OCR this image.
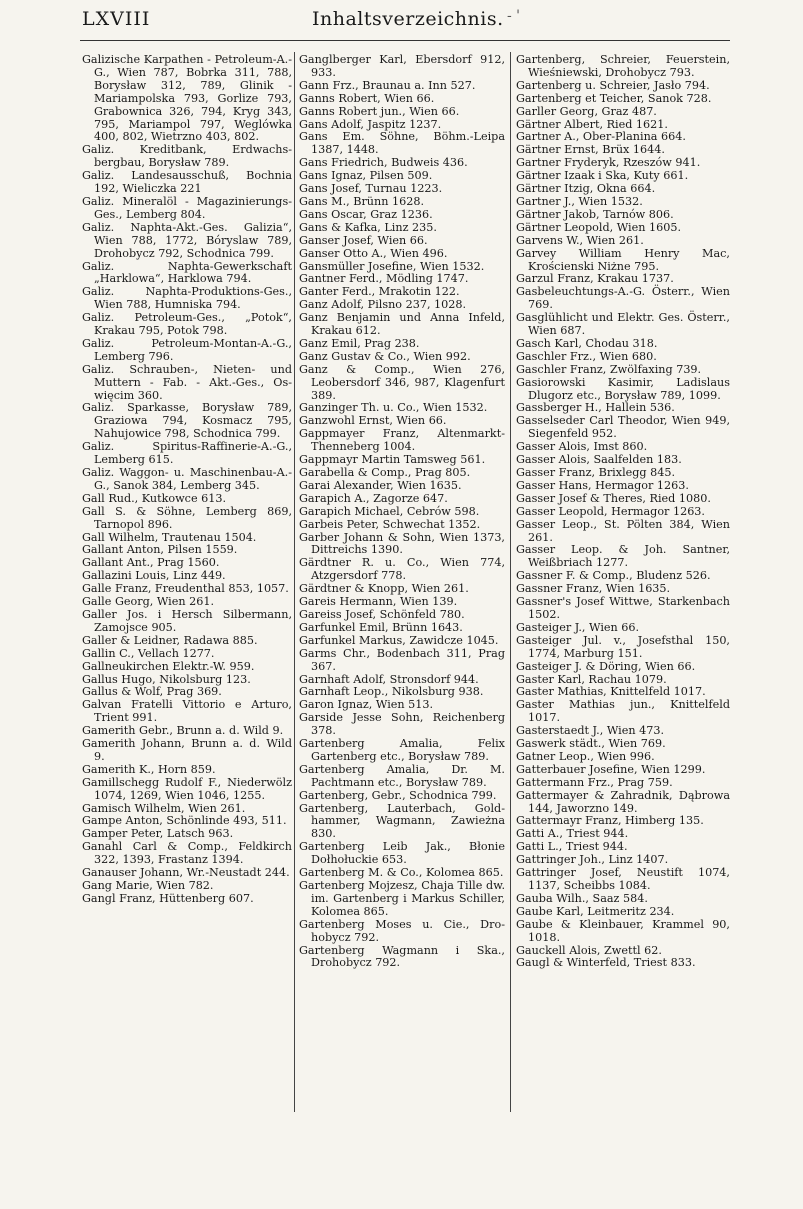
LXVIII	Inhaltsverzeichnis. - '

Galizische Karpathen - Petroleum-A.-G., Wien 787, Bobrka 311, 788, Borysław 312, 789, Glinik - Mariampolska 793, Gorlize 793, Grabownica 326, 794, Kryg 343, 795, Mariampol 797, Weglówka 400, 802, Wietrzno 403, 802.

Galiz. Kreditbank, Erdwachsbergbau, Borysław 789.

Galiz. Landesausschuß, Bochnia 192, Wieliczka 221

Galiz. Mineralöl - Magazinierungs-Ges., Lemberg 804.

Galiz. Naphta-Akt.-Ges. Galizia“, Wien 788, 1772, Bóryslaw 789, Drohobycz 792, Schodnica 799.

Galiz. Naphta-Gewerkschaft „Harklowa“, Harklowa 794.

Galiz. Naphta-Produktions-Ges., Wien 788, Humniska 794.

Galiz. Petroleum-Ges., „Potok“, Krakau 795, Potok 798.

Galiz. Petroleum-Montan-A.-G., Lemberg 796.

Galiz. Schrauben-, Nieten- und Muttern - Fab. - Akt.-Ges., Oswięcim 360.

Galiz. Sparkasse, Borysław 789, Graziowa 794, Kosmacz 795, Nahujowice 798, Schodnica 799.

Galiz. Spiritus-Raffinerie-A.-G., Lemberg 615.

Galiz. Waggon- u. Maschinenbau-A.-G., Sanok 384, Lemberg 345.

Gall Rud., Kutkowce 613.

Gall S. & Söhne, Lemberg 869, Tarnopol 896.

Gall Wilhelm, Trautenau 1504.

Gallant Anton, Pilsen 1559.

Gallant Ant., Prag 1560.

Gallazini Louis, Linz 449.

Galle Franz, Freudenthal 853, 1057.

Galle Georg, Wien 261.

Galler Jos. i Hersch Silbermann, Zamojsce 905.

Galler & Leidner, Radawa 885.

Gallin C., Vellach 1277.

Gallneukirchen Elektr.-W. 959.

Gallus Hugo, Nikolsburg 123.

Gallus & Wolf, Prag 369.

Galvan Fratelli Vittorio e Arturo, Trient 991.

Gamerith Gebr., Brunn a. d. Wild 9.

Gamerith Johann, Brunn a. d. Wild 9.

Gamerith K., Horn 859.

Gamillschegg Rudolf F., Niederwölz 1074, 1269, Wien 1046, 1255.

Gamisch Wilhelm, Wien 261.

Gampe Anton, Schönlinde 493, 511.

Gamper Peter, Latsch 963.

Ganahl Carl & Comp., Feldkirch 322, 1393, Frastanz 1394.

Ganauser Johann, Wr.-Neustadt 244.

Gang Marie, Wien 782.

Gangl Franz, Hüttenberg 607.

Ganglberger Karl, Ebersdorf 912, 933.

Gann Frz., Braunau a. Inn 527.

Ganns Robert, Wien 66.

Ganns Robert jun., Wien 66.

Gans Adolf, Jaspitz 1237.

Gans Em. Söhne, Böhm.-Leipa 1387, 1448.

Gans Friedrich, Budweis 436.

Gans Ignaz, Pilsen 509.

Gans Josef, Turnau 1223.

Gans M., Brünn 1628.

Gans Oscar, Graz 1236.

Gans & Kafka, Linz 235.

Ganser Josef, Wien 66.

Ganser Otto A., Wien 496.

Gansmüller Josefine, Wien 1532.

Gantner Ferd., Mödling 1747.

Ganter Ferd., Mrakotin 122.

Ganz Adolf, Pilsno 237, 1028.

Ganz Benjamin und Anna Infeld, Krakau 612.

Ganz Emil, Prag 238.

Ganz Gustav & Co., Wien 992.

Ganz & Comp., Wien 276, Leobersdorf 346, 987, Klagenfurt 389.

Ganzinger Th. u. Co., Wien 1532.

Ganzwohl Ernst, Wien 66.

Gappmayer Franz, Altenmarkt-Thenneberg 1004.

Gappmayr Martin Tamsweg 561.

Garabella & Comp., Prag 805.

Garai Alexander, Wien 1635.

Garapich A., Zagorze 647.

Garapich Michael, Cebrów 598.

Garbeis Peter, Schwechat 1352.

Garber Johann & Sohn, Wien 1373, Dittreichs 1390.

Gärdtner R. u. Co., Wien 774, Atzgersdorf 778.

Gärdtner & Knopp, Wien 261.

Gareis Hermann, Wien 139.

Gareiss Josef, Schönfeld 780.

Garfunkel Emil, Brünn 1643.

Garfunkel Markus, Zawidcze 1045.

Garms Chr., Bodenbach 311, Prag 367.

Garnhaft Adolf, Stronsdorf 944.

Garnhaft Leop., Nikolsburg 938.

Garon Ignaz, Wien 513.

Garside Jesse Sohn, Reichenberg 378.

Gartenberg Amalia, Felix Gartenberg etc., Borysław 789.

Gartenberg Amalia, Dr. M. Pachtmann etc., Borysław 789.

Gartenberg, Gebr., Schodnica 799.

Gartenberg, Lauterbach, Goldhammer, Wagmann, Zawieżna 830.

Gartenberg Leib Jak., Błonie Dołhołuckie 653.

Gartenberg M. & Co., Kolomea 865.

Gartenberg Mojzesz, Chaja Tille dw. im. Gartenberg i Markus Schiller, Kolomea 865.

Gartenberg Moses u. Cie., Drohobycz 792.

Gartenberg Wagmann i Ska., Drohobycz 792.

Gartenberg, Schreier, Feuerstein, Wieśniewski, Drohobycz 793.

Gartenberg u. Schreier, Jasło 794.

Gartenberg et Teicher, Sanok 728.

Garller Georg, Graz 487.

Gärtner Albert, Ried 1621.

Gartner A., Ober-Planina 664.

Gärtner Ernst, Brüx 1644.

Gartner Fryderyk, Rzeszów 941.

Gärtner Izaak i Ska, Kuty 661.

Gärtner Itzig, Okna 664.

Gartner J., Wien 1532.

Gärtner Jakob, Tarnów 806.

Gärtner Leopold, Wien 1605.

Garvens W., Wien 261.

Garvey William Henry Mac, Krościenski Niżne 795.

Garzul Franz, Krakau 1737.

Gasbeleuchtungs-A.-G. Österr., Wien 769.

Gasglühlicht und Elektr. Ges. Österr., Wien 687.

Gasch Karl, Chodau 318.

Gaschler Frz., Wien 680.

Gaschler Franz, Zwölfaxing 739.

Gasiorowski Kasimir, Ladislaus Dlugorz etc., Borysław 789, 1099.

Gassberger H., Hallein 536.

Gasselseder Carl Theodor, Wien 949, Siegenfeld 952.

Gasser Alois, Imst 860.

Gasser Alois, Saalfelden 183.

Gasser Franz, Brixlegg 845.

Gasser Hans, Hermagor 1263.

Gasser Josef & Theres, Ried 1080.

Gasser Leopold, Hermagor 1263.

Gasser Leop., St. Pölten 384, Wien 261.

Gasser Leop. & Joh. Santner, Weißbriach 1277.

Gassner F. & Comp., Bludenz 526.

Gassner Franz, Wien 1635.

Gassner's Josef Wittwe, Starkenbach 1502.

Gasteiger J., Wien 66.

Gasteiger Jul. v., Josefsthal 150, 1774, Marburg 151.

Gasteiger J. & Döring, Wien 66.

Gaster Karl, Rachau 1079.

Gaster Mathias, Knittelfeld 1017.

Gaster Mathias jun., Knittelfeld 1017.

Gasterstaedt J., Wien 473.

Gaswerk städt., Wien 769.

Gatner Leop., Wien 996.

Gatterbauer Josefine, Wien 1299.

Gattermann Frz., Prag 759.

Gattermayer & Zahradnik, Dąbrowa 144, Jaworzno 149.

Gattermayr Franz, Himberg 135.

Gatti A., Triest 944.

Gatti L., Triest 944.

Gattringer Joh., Linz 1407.

Gattringer Josef, Neustift 1074, 1137, Scheibbs 1084.

Gauba Wilh., Saaz 584.

Gaube Karl, Leitmeritz 234.

Gaube & Kleinbauer, Krammel 90, 1018.

Gauckell Alois, Zwettl 62.

Gaugl & Winterfeld, Triest 833.
